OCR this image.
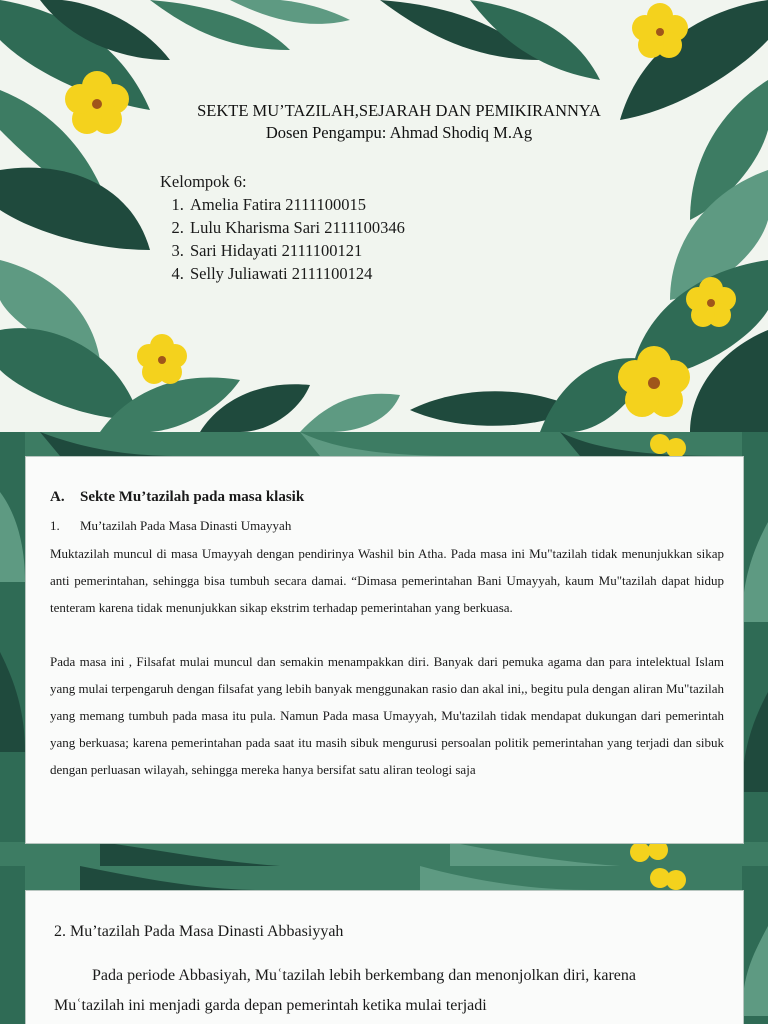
SEKTE MU’TAZILAH,SEJARAH DAN PEMIKIRANNYA
Dosen Pengampu: Ahmad Shodiq M.Ag
Kelompok 6:
1. Amelia Fatira 2111100015
2. Lulu Kharisma Sari 2111100346
3. Sari Hidayati 2111100121
4. Selly Juliawati 2111100124
A. Sekte Mu’tazilah pada masa klasik
1. Mu’tazilah Pada Masa Dinasti Umayyah
Muktazilah muncul di masa Umayyah dengan pendirinya Washil bin Atha. Pada masa ini Mu"tazilah tidak menunjukkan sikap anti pemerintahan, sehingga bisa tumbuh secara damai. “Dimasa pemerintahan Bani Umayyah, kaum Mu"tazilah dapat hidup tenteram karena tidak menunjukkan sikap ekstrim terhadap pemerintahan yang berkuasa.
Pada masa ini , Filsafat mulai muncul dan semakin menampakkan diri. Banyak dari pemuka agama dan para intelektual Islam yang mulai terpengaruh dengan filsafat yang lebih banyak menggunakan rasio dan akal ini,, begitu pula dengan aliran Mu"tazilah yang memang tumbuh pada masa itu pula. Namun Pada masa Umayyah, Mu'tazilah tidak mendapat dukungan dari pemerintah yang berkuasa; karena pemerintahan pada saat itu masih sibuk mengurusi persoalan politik pemerintahan yang terjadi dan sibuk dengan perluasan wilayah, sehingga mereka hanya bersifat satu aliran teologi saja
2. Mu’tazilah Pada Masa Dinasti Abbasiyyah
Pada periode Abbasiyah, Muʿtazilah lebih berkembang dan menonjolkan diri, karena Muʿtazilah ini menjadi garda depan pemerintah ketika mulai terjadi
